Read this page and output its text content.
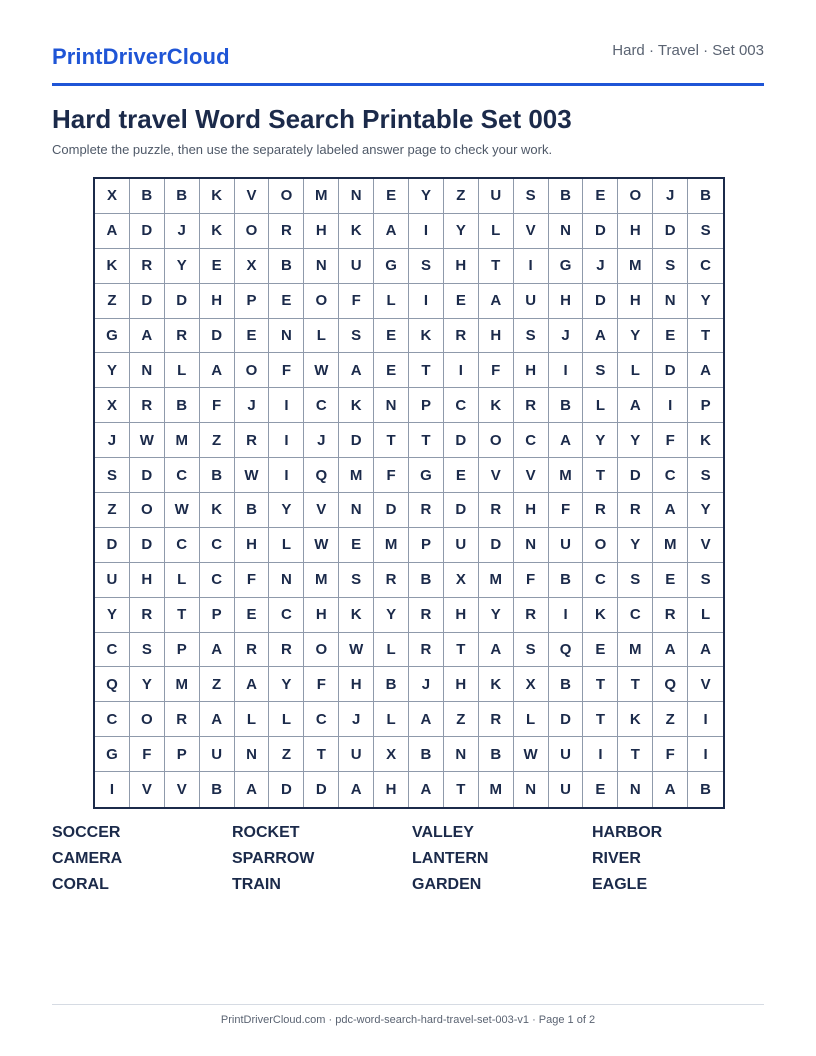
PrintDriverCloud	Hard · Travel · Set 003
Hard travel Word Search Printable Set 003
Complete the puzzle, then use the separately labeled answer page to check your work.
X	B	B	K	V	O	M	N	E	Y	Z	U	S	B	E	O	J	B
A	D	J	K	O	R	H	K	A	I	Y	L	V	N	D	H	D	S
K	R	Y	E	X	B	N	U	G	S	H	T	I	G	J	M	S	C
Z	D	D	H	P	E	O	F	L	I	E	A	U	H	D	H	N	Y
G	A	R	D	E	N	L	S	E	K	R	H	S	J	A	Y	E	T
Y	N	L	A	O	F	W	A	E	T	I	F	H	I	S	L	D	A
X	R	B	F	J	I	C	K	N	P	C	K	R	B	L	A	I	P
J	W	M	Z	R	I	J	D	T	T	D	O	C	A	Y	Y	F	K
S	D	C	B	W	I	Q	M	F	G	E	V	V	M	T	D	C	S
Z	O	W	K	B	Y	V	N	D	R	D	R	H	F	R	R	A	Y
D	D	C	C	H	L	W	E	M	P	U	D	N	U	O	Y	M	V
U	H	L	C	F	N	M	S	R	B	X	M	F	B	C	S	E	S
Y	R	T	P	E	C	H	K	Y	R	H	Y	R	I	K	C	R	L
C	S	P	A	R	R	O	W	L	R	T	A	S	Q	E	M	A	A
Q	Y	M	Z	A	Y	F	H	B	J	H	K	X	B	T	T	Q	V
C	O	R	A	L	L	C	J	L	A	Z	R	L	D	T	K	Z	I
G	F	P	U	N	Z	T	U	X	B	N	B	W	U	I	T	F	I
I	V	V	B	A	D	D	A	H	A	T	M	N	U	E	N	A	B
SOCCER	ROCKET	VALLEY	HARBOR
CAMERA	SPARROW	LANTERN	RIVER
CORAL	TRAIN	GARDEN	EAGLE
PrintDriverCloud.com · pdc-word-search-hard-travel-set-003-v1 · Page 1 of 2
